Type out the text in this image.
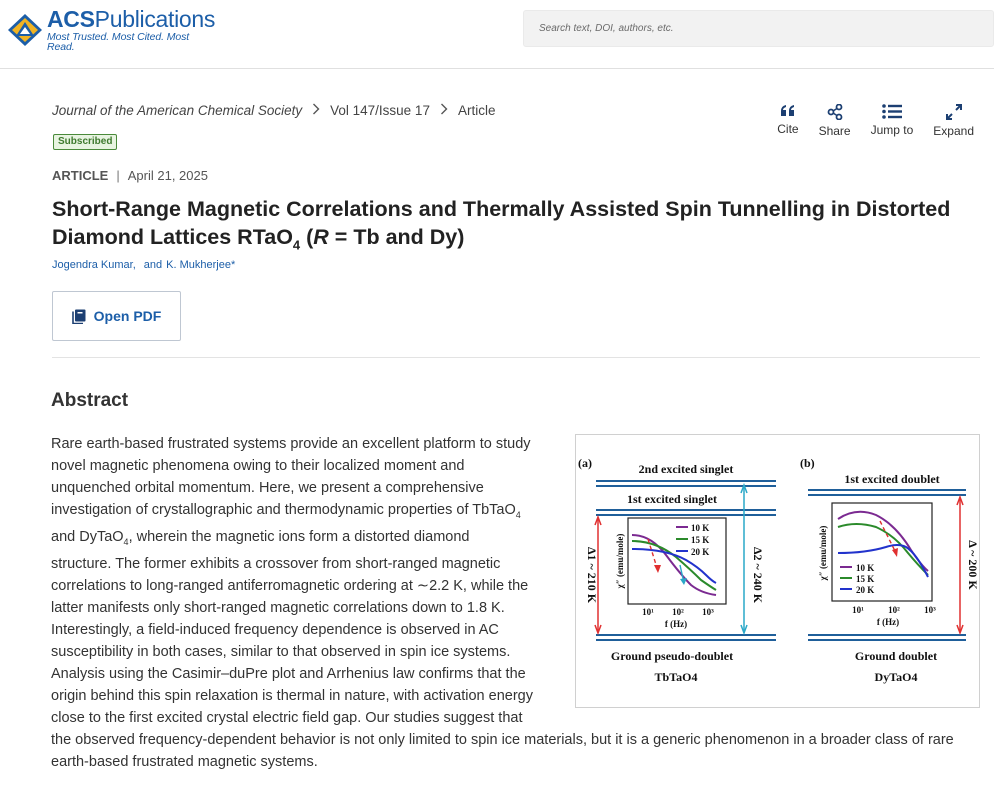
ACSPublications
Most Trusted. Most Cited. Most Read.
Search text, DOI, authors, etc.
Journal of the American Chemical Society Vol 147/Issue 17 Article
Subscribed
Cite Share Jump to Expand
ARTICLE | April 21, 2025
Short-Range Magnetic Correlations and Thermally Assisted Spin Tunnelling in Distorted Diamond Lattices RTaO$_4$ (R = Tb and Dy)
Jogendra Kumar, and K. Mukherjee*
Open PDF
Abstract
Rare earth-based frustrated systems provide an excellent platform to study novel magnetic phenomena owing to their localized moment and unquenched orbital momentum. Here, we present a comprehensive investigation of crystallographic and thermodynamic properties of TbTaO$_4$ and DyTaO$_4$, wherein the magnetic ions form a distorted diamond structure. The former exhibits a crossover from short-ranged magnetic correlations to long-ranged antiferromagnetic ordering at ∼2.2 K, while the latter manifests only short-ranged magnetic correlations down to 1.8 K. Interestingly, a field-induced frequency dependence is observed in AC susceptibility in both cases, similar to that observed in spin ice systems. Analysis using the Casimir–duPre plot and Arrhenius law confirms that the origin behind this spin relaxation is thermal in nature, with activation energy close to the first excited crystal electric field gap. Our studies suggest that the observed frequency-dependent behavior is not only limited to spin ice materials, but it is a generic phenomenon in a broader class of rare earth-based frustrated magnetic systems.
(a)	2nd excited singlet
1st excited singlet
Ground pseudo-doublet
TbTaO4
Δ1 ~ 210 K	Δ2 ~ 240 K
10 K
15 K
20 K
χ″ (emu/mole)
10¹ 10² 10³
f (Hz)
(b)
1st excited doublet
Ground doublet
DyTaO4
Δ ~ 200 K
10 K
15 K
20 K
χ″ (emu/mole)
10¹	10²	10³
f (Hz)
